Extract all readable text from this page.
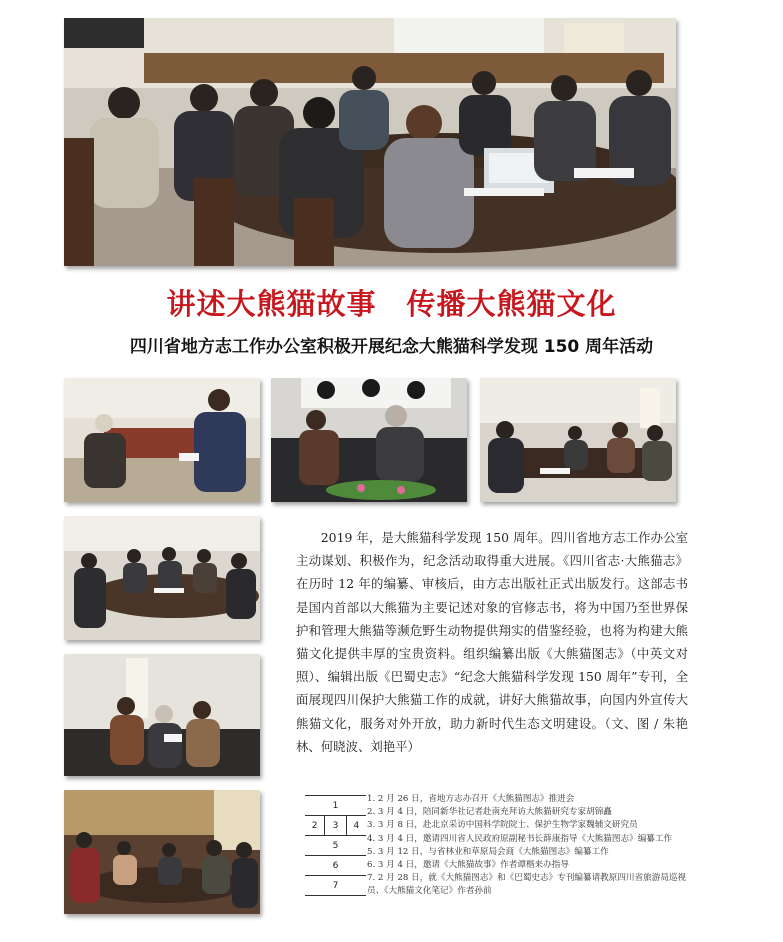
讲述大熊猫故事　传播大熊猫文化
四川省地方志工作办公室积极开展纪念大熊猫科学发现 150 周年活动
2019 年，是大熊猫科学发现 150 周年。四川省地方志工作办公室主动谋划、积极作为，纪念活动取得重大进展。《四川省志·大熊猫志》在历时 12 年的编纂、审核后，由方志出版社正式出版发行。这部志书是国内首部以大熊猫为主要记述对象的官修志书，将为中国乃至世界保护和管理大熊猫等濒危野生动物提供翔实的借鉴经验，也将为构建大熊猫文化提供丰厚的宝贵资料。组织编纂出版《大熊猫图志》（中英文对照）、编辑出版《巴蜀史志》“纪念大熊猫科学发现 150 周年”专刊，全面展现四川保护大熊猫工作的成就，讲好大熊猫故事，向国内外宣传大熊猫文化，服务对外开放，助力新时代生态文明建设。（文、图 / 朱艳林、何晓波、刘艳平）
1
2	3	4
5
6
7
1. 2 月 26 日，省地方志办召开《大熊猫图志》推进会
2. 3 月 4 日，陪同新华社记者赴南充拜访大熊猫研究专家胡锦矗
3. 3 月 8 日，赴北京采访中国科学院院士、保护生物学家魏辅文研究员
4. 3 月 4 日，邀请四川省人民政府原副秘书长薛康指导《大熊猫图志》编纂工作
5. 3 月 12 日，与省林业和草原局会商《大熊猫图志》编纂工作
6. 3 月 4 日，邀请《大熊猫故事》作者谭楷来办指导
7. 2 月 28 日，就《大熊猫图志》和《巴蜀史志》专刊编纂请教原四川省旅游局巡视员、《大熊猫文化笔记》作者孙前
